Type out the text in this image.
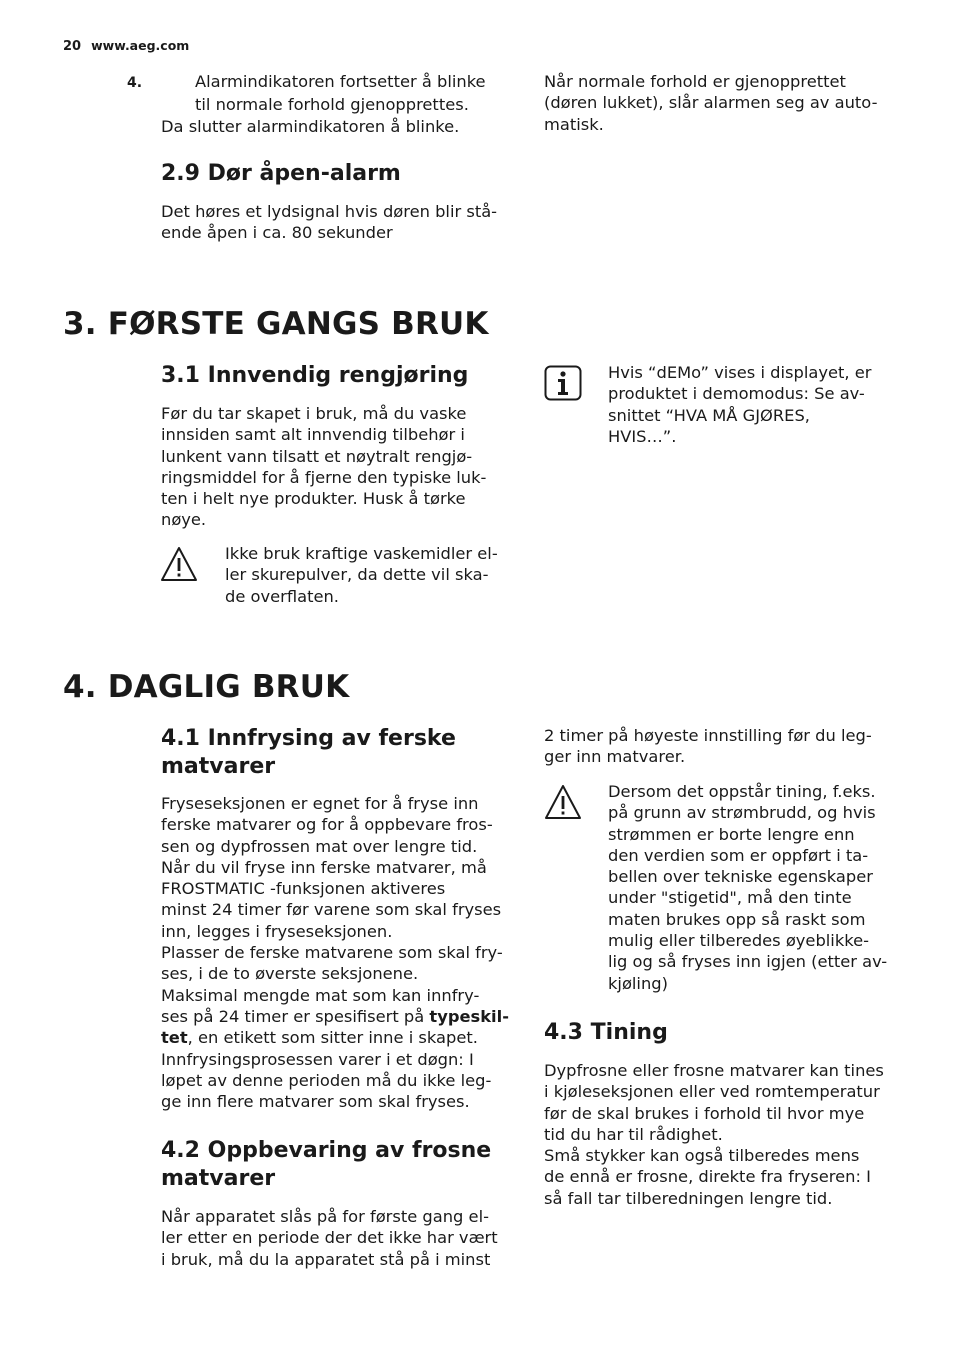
20 www.aeg.com

4.	Alarmindikatoren fortsetter å blinke

til normale forhold gjenopprettes.

Da slutter alarmindikatoren å blinke.

Når normale forhold er gjenopprettet

(døren lukket), slår alarmen seg av auto-

matisk.

2.9 Dør åpen-alarm

Det høres et lydsignal hvis døren blir stå-

ende åpen i ca. 80 sekunder

3. FØRSTE GANGS BRUK
3.1 Innvendig rengjøring

Før du tar skapet i bruk, må du vaske

innsiden samt alt innvendig tilbehør i

lunkent vann tilsatt et nøytralt rengjø-

ringsmiddel for å fjerne den typiske luk-

ten i helt nye produkter. Husk å tørke

nøye.

Ikke bruk kraftige vaskemidler el-

ler skurepulver, da dette vil ska-

de overflaten.

Hvis “dEMo” vises i displayet, er

produktet i demomodus: Se av-

snittet “HVA MÅ GJØRES,

HVIS…”.

4. DAGLIG BRUK
4.1 Innfrysing av ferske
matvarer

Fryseseksjonen er egnet for å fryse inn

ferske matvarer og for å oppbevare fros-

sen og dypfrossen mat over lengre tid.

Når du vil fryse inn ferske matvarer, må

FROSTMATIC -funksjonen aktiveres

minst 24 timer før varene som skal fryses

inn, legges i fryseseksjonen.

Plasser de ferske matvarene som skal fry-

ses, i de to øverste seksjonene.

Maksimal mengde mat som kan innfry-

ses på 24 timer er spesifisert på typeskil-

tet, en etikett som sitter inne i skapet.

Innfrysingsprosessen varer i et døgn: I

løpet av denne perioden må du ikke leg-

ge inn flere matvarer som skal fryses.

4.2 Oppbevaring av frosne
matvarer

Når apparatet slås på for første gang el-

ler etter en periode der det ikke har vært

i bruk, må du la apparatet stå på i minst

2 timer på høyeste innstilling før du leg-

ger inn matvarer.

Dersom det oppstår tining, f.eks.

på grunn av strømbrudd, og hvis

strømmen er borte lengre enn

den verdien som er oppført i ta-

bellen over tekniske egenskaper

under "stigetid", må den tinte

maten brukes opp så raskt som

mulig eller tilberedes øyeblikke-

lig og så fryses inn igjen (etter av-

kjøling)

4.3 Tining

Dypfrosne eller frosne matvarer kan tines

i kjøleseksjonen eller ved romtemperatur

før de skal brukes i forhold til hvor mye

tid du har til rådighet.

Små stykker kan også tilberedes mens

de ennå er frosne, direkte fra fryseren: I

så fall tar tilberedningen lengre tid.
